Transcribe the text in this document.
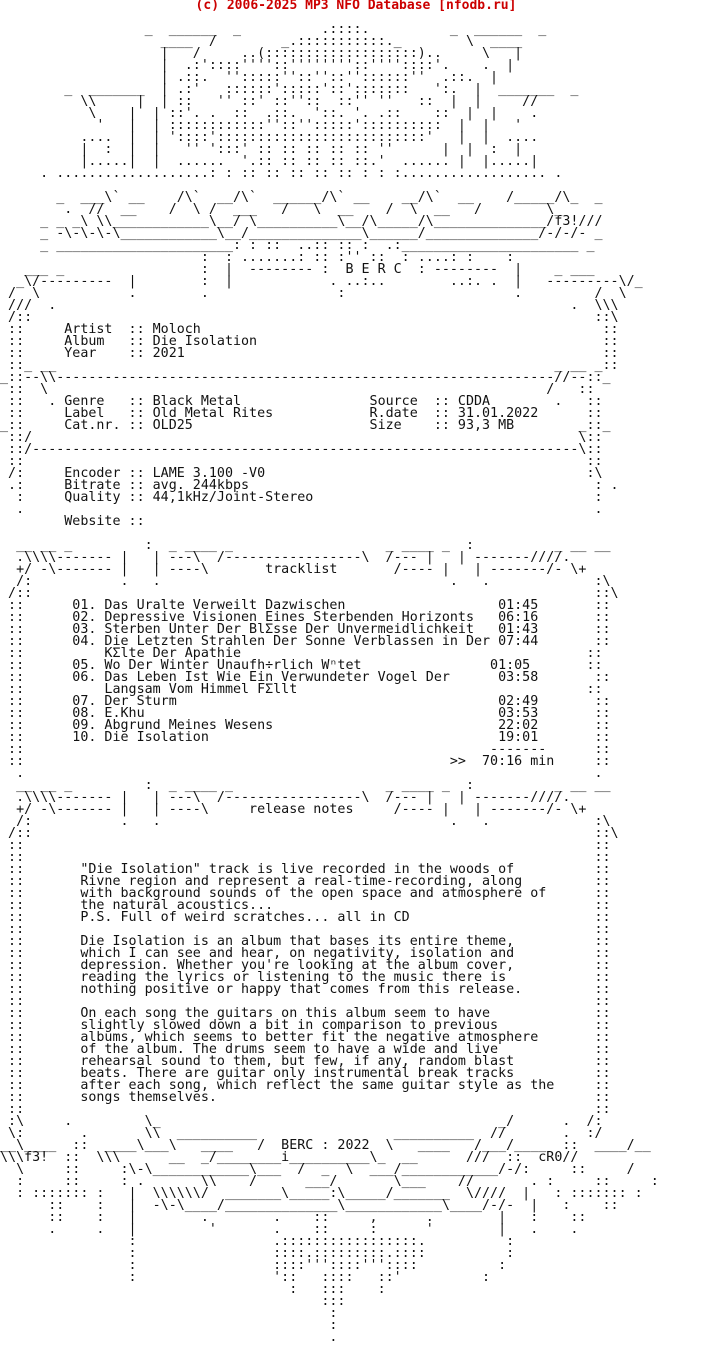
(c) 2006-2025 MP3 NFO Database [nfodb.ru]
_  ______  _          .::::.          _  ______  _
____  /        _.:::::::::::._        \  ____
|   /     ..(:::::::::::::::::::)..     \   |
|  .:'::::''''::''''''''::''''::::'.    .  |
| .::.  '':::::''::''::''::::::''  .::.  |
_  _______  | .:'   ::::::':::::'::':::::::   ':.  |  _______  _
\\     |  | ::   '' ::' ::''::  ::'' ''   ::  |  |     //
\    |  | ::'. .  ::  .::.  '::. '. .::    ::  |  |    .
'   |  | ::::::::::::''::'':::::'::::::::::  |  |   '
....  |  | '::::'::::::::::::::::::::::::::'   |  |  ....
|  :  |  |   '' ':::' :: :: :: :: :: ''      |  |  :  |
|.....|  |  ......  '.:: :: :: :: ::.'  ...... |  |.....|
. ...................: : :: :: :: :: :: : : :.................. .
_  ___\` __    /\`  __/\`  ______/\` __    __/\`  __    /_____/\_  _
.  //  __    /  \ /  ___   /   \  __    /  \  __   /        \_
_ _ _\ \\____________\__/ \__________\__/\_____/\______________/f3!///
_ -\-\-\-\____________\__/______________\______/______________/-/-/- _
_ ______________________: : ::  ..:: :: :  .:______________________ _
:  : .......: :: :'' ::  : ....: :    :
___ _                 :  |  -------- :  B E R C  : --------  |    _ ___
_\/---------  |        :  |            . ..:..        ..:. .  |   ---------\/_
/  \           .        .                :                     .         /  \
///  .                                                                .  \\\
/::                                                                      ::\
::     Artist  :: Moloch                                                  ::
::     Album   :: Die Isolation                                           ::
::     Year    :: 2021                                                    ::
::_ __                                                              _ __ _::
_::--\\--------------------------------------------------------------//--::_
::  \                                                              /   ::
::   . Genre   :: Black Metal                Source  :: CDDA        .   ::
::     Label   :: Old Metal Rites            R.date  :: 31.01.2022      ::
_::     Cat.nr. :: OLD25                      Size    :: 93,3 MB        _::_
::/                                                                    \::
::/--------------------------------------------------------------------\::
::                                                                      ::
/:     Encoder :: LAME 3.100 -V0                                        :\
.:     Bitrate :: avg. 244kbps                                           : .
:     Quality :: 44,1kHz/Joint-Stereo                                   :
.                                                                       .
Website ::
__ __ _         :  _ ____ _                   _ ____ _  :          _ __ __
.\\\\------- |   | ---\  /-----------------\  /--- |   | -------////.
+/ -\------- |   | ----\       tracklist       /---- |   | -------/- \+
/:           .   .                                    .   .             :\
/::                                                                      ::\
::      01. Das Uralte Verweilt Dazwischen                   01:45       ::
::      02. Depressive Visionen Eines Sterbenden Horizonts   06:16       ::
::      03. Sterben Unter Der BlΣsse Der Unvermeidlichkeit   01:43       ::
::      04. Die Letzten Strahlen Der Sonne Verblassen in Der 07:44       ::
::          KΣlte Der Apathie                                           ::
::      05. Wo Der Winter Unaufh÷rlich Wⁿtet                01:05       ::
::      06. Das Leben Ist Wie Ein Verwundeter Vogel Der      03:58       ::
::          Langsam Vom Himmel FΣllt                                    ::
::      07. Der Sturm                                        02:49       ::
::      08. E.Khu                                            03:53       ::
::      09. Abgrund Meines Wesens                            22:02       ::
::      10. Die Isolation                                    19:01       ::
::                                                          -------      ::
::                                                     >>  70:16 min     ::
.                                                                       .
__ __ _         :  _ ____ _                   _ ____ _  :          _ __ __
.\\\\------- |   | ---\  /-----------------\  /--- |   | -------////.
+/ -\------- |   | ----\     release notes     /---- |   | -------/- \+
/:           .   .                                    .   .             :\
/::                                                                      ::\
::                                                                       ::
::                                                                       ::
::       "Die Isolation" track is live recorded in the woods of          ::
::       Rivne region and represent a real-time-recording, along         ::
::       with background sounds of the open space and atmosphere of      ::
::       the natural acoustics...                                        ::
::       P.S. Full of weird scratches... all in CD                       ::
::                                                                       ::
::       Die Isolation is an album that bases its entire theme,          ::
::       which I can see and hear, on negativity, isolation and          ::
::       depression. Whether you're looking at the album cover,          ::
::       reading the lyrics or listening to the music there is           ::
::       nothing positive or happy that comes from this release.         ::
::                                                                       ::
::       On each song the guitars on this album seem to have             ::
::       slightly slowed down a bit in comparison to previous            ::
::       albums, which seems to better fit the negative atmosphere       ::
::       of the album. The drums seem to have a wide and live            ::
::       rehearsal sound to them, but few, if any, random blast          ::
::       beats. There are guitar only instrumental break tracks          ::
::       after each song, which reflect the same guitar style as the     ::
::       songs themselves.                                               ::
::                                                                       ::
:\     .         \_                                          _/      .  /:
\:       .       \\  __________                 __________  //       .  :/
__\____  ::  ____\___\   ____   /  BERC : 2022  \   ____   /___/____  ::  ____/__
\\\f3!  ::  \\\      __  _/________i__________\_  __      ///  ::  cR0//
\     ::     :\-\____________\___  /  _  \  ___/____________/-/:     ::     /
:     ::     : .       \\    /      ___/       \___    //       . :     ::     :
: ::::::: :   |  \\\\\\/  _______\_____:\_____/_______  \////  |   : ::::::: :
::    :   |  -\-\____/______________\____________\____/-/-  |   :    ::
::    :   |        .        .    ::     ,      .        |   :    ::
.     .   |         '       .    ::     :      '        |   .    .
:                 .:::::::::::::::::.          :
:                 ::::.:::::::::.::::          :
:                 ::::'''::::'''::::          :
:                 '::   ::::   ::'          :
:   :::    :
:::
:
:
.
